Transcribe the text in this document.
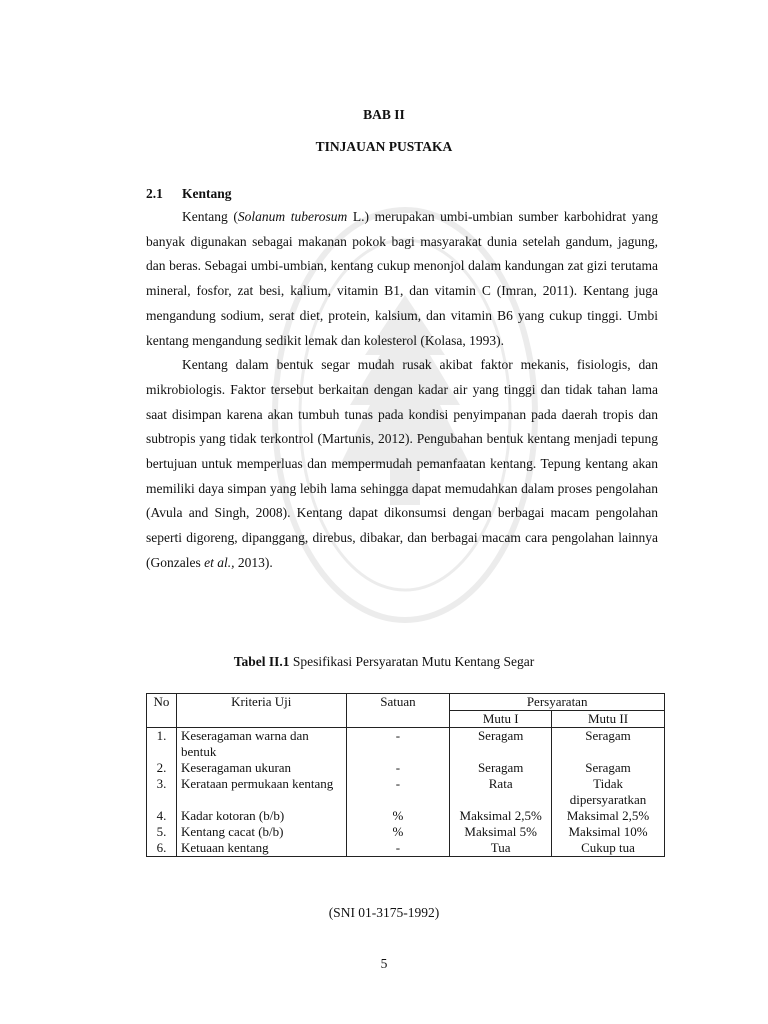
BAB II
TINJAUAN PUSTAKA
2.1 Kentang

Kentang (Solanum tuberosum L.) merupakan umbi-umbian sumber karbohidrat yang banyak digunakan sebagai makanan pokok bagi masyarakat dunia setelah gandum, jagung, dan beras. Sebagai umbi-umbian, kentang cukup menonjol dalam kandungan zat gizi terutama mineral, fosfor, zat besi, kalium, vitamin B1, dan vitamin C (Imran, 2011). Kentang juga mengandung sodium, serat diet, protein, kalsium, dan vitamin B6 yang cukup tinggi. Umbi kentang mengandung sedikit lemak dan kolesterol (Kolasa, 1993).

Kentang dalam bentuk segar mudah rusak akibat faktor mekanis, fisiologis, dan mikrobiologis. Faktor tersebut berkaitan dengan kadar air yang tinggi dan tidak tahan lama saat disimpan karena akan tumbuh tunas pada kondisi penyimpanan pada daerah tropis dan subtropis yang tidak terkontrol (Martunis, 2012). Pengubahan bentuk kentang menjadi tepung bertujuan untuk memperluas dan mempermudah pemanfaatan kentang. Tepung kentang akan memiliki daya simpan yang lebih lama sehingga dapat memudahkan dalam proses pengolahan (Avula and Singh, 2008). Kentang dapat dikonsumsi dengan berbagai macam pengolahan seperti digoreng, dipanggang, direbus, dibakar, dan berbagai macam cara pengolahan lainnya (Gonzales et al., 2013).

Tabel II.1 Spesifikasi Persyaratan Mutu Kentang Segar
No	Kriteria Uji	Satuan	Persyaratan	
			Mutu I	Mutu II
1.	Keseragaman warna dan bentuk	-	Seragam	Seragam
2.	Keseragaman ukuran	-	Seragam	Seragam
3.	Kerataan permukaan kentang	-	Rata	Tidak dipersyaratkan
4.	Kadar kotoran (b/b)	%	Maksimal 2,5%	Maksimal 2,5%
5.	Kentang cacat (b/b)	%	Maksimal 5%	Maksimal 10%
6.	Ketuaan kentang	-	Tua	Cukup tua
(SNI 01-3175-1992)
5
